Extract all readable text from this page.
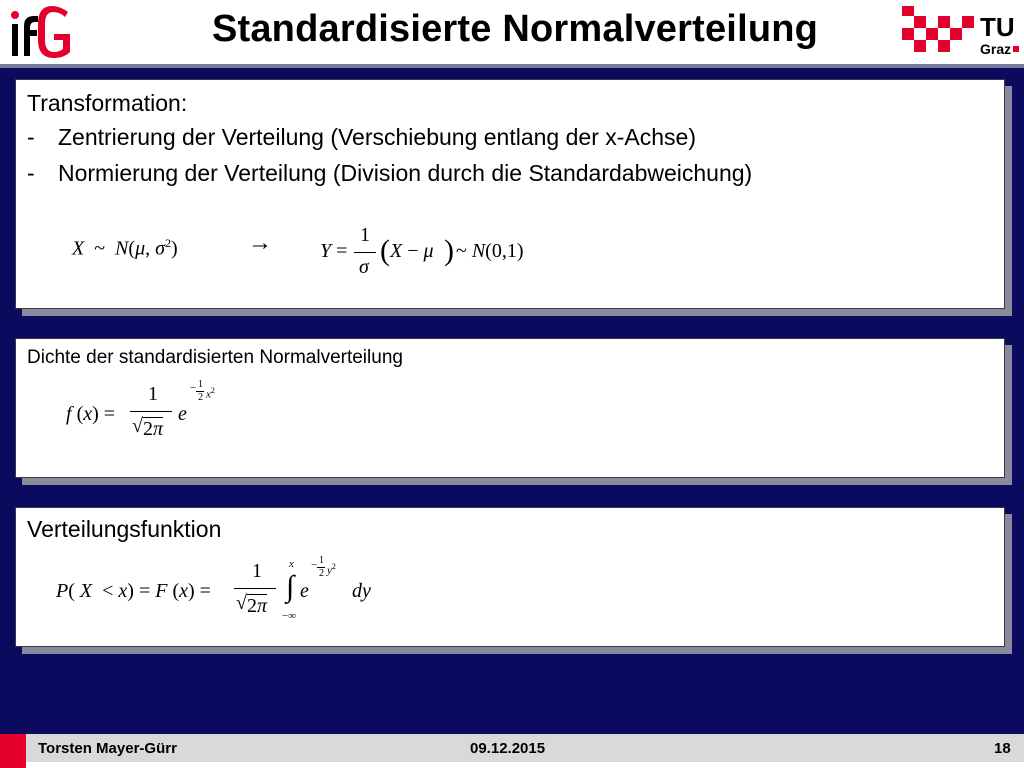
Standardisierte Normalverteilung	TU
Graz
Transformation:
- Zentrierung der Verteilung (Verschiebung entlang der x-Achse)
- Normierung der Verteilung (Division durch die Standardabweichung)
X  ~  N(μ, $\sigma^2$)	→ Y =
1
σ ( X − μ ) ~ N(0,1)
Dichte der standardisierten Normalverteilung
f (x) =
1
√ 2π
e
− 1
2 $x^2$
Verteilungsfunktion
P( X  < x) = F (x) =
1
√ 2π
∫
x
−∞
e
− 1
2 $y^2$
dy
Torsten Mayer-Gürr	09.12.2015	18
